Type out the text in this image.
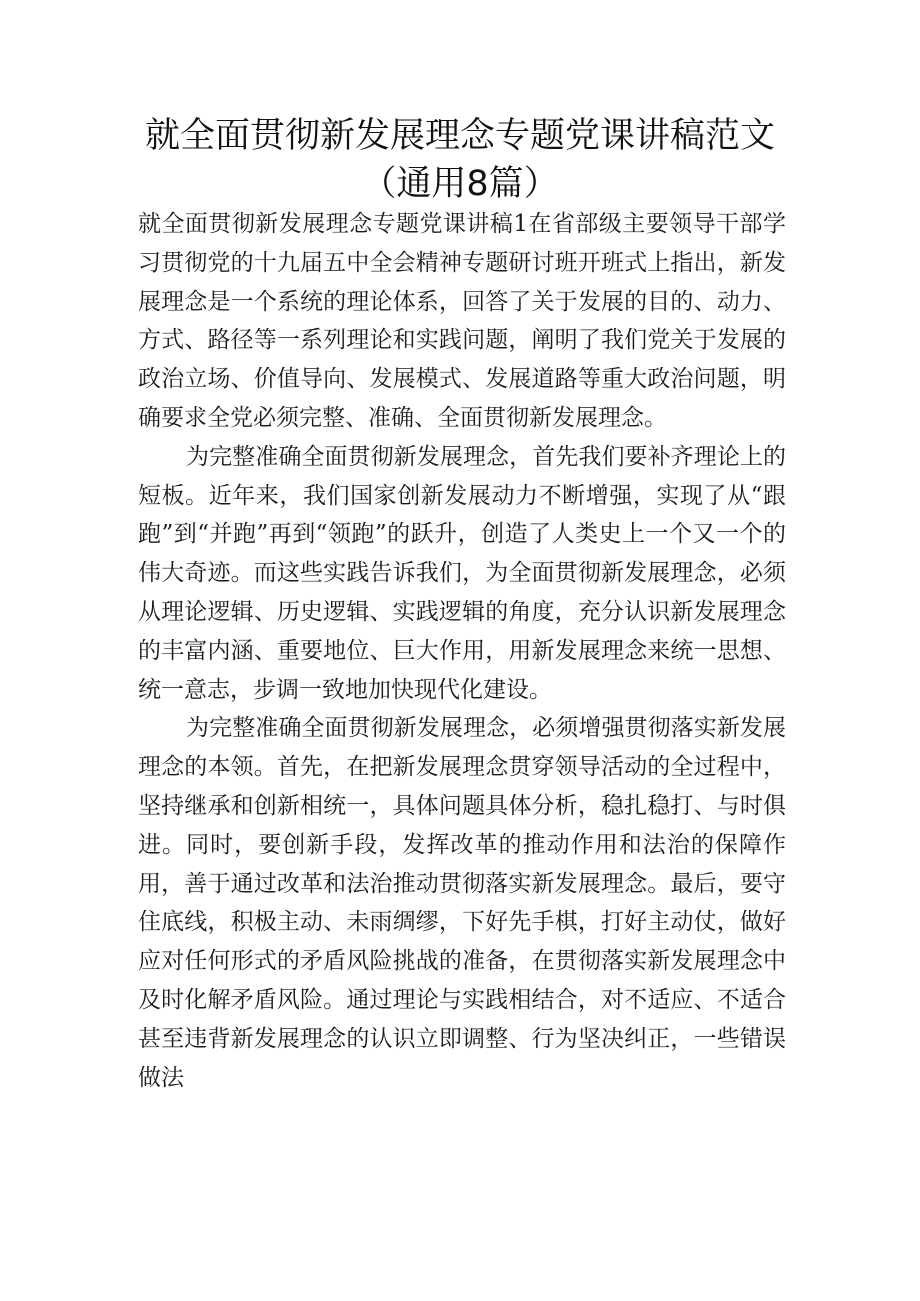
就全面贯彻新发展理念专题党课讲稿范文
（通用8篇）

就全面贯彻新发展理念专题党课讲稿1在省部级主要领导干部学习贯彻党的十九届五中全会精神专题研讨班开班式上指出，新发展理念是一个系统的理论体系，回答了关于发展的目的、动力、方式、路径等一系列理论和实践问题，阐明了我们党关于发展的政治立场、价值导向、发展模式、发展道路等重大政治问题，明确要求全党必须完整、准确、全面贯彻新发展理念。

为完整准确全面贯彻新发展理念，首先我们要补齐理论上的短板。近年来，我们国家创新发展动力不断增强，实现了从“跟跑”到“并跑”再到“领跑”的跃升，创造了人类史上一个又一个的伟大奇迹。而这些实践告诉我们，为全面贯彻新发展理念，必须从理论逻辑、历史逻辑、实践逻辑的角度，充分认识新发展理念的丰富内涵、重要地位、巨大作用，用新发展理念来统一思想、统一意志，步调一致地加快现代化建设。

为完整准确全面贯彻新发展理念，必须增强贯彻落实新发展理念的本领。首先，在把新发展理念贯穿领导活动的全过程中，坚持继承和创新相统一，具体问题具体分析，稳扎稳打、与时俱进。同时，要创新手段，发挥改革的推动作用和法治的保障作用，善于通过改革和法治推动贯彻落实新发展理念。最后，要守住底线，积极主动、未雨绸缪，下好先手棋，打好主动仗，做好应对任何形式的矛盾风险挑战的准备，在贯彻落实新发展理念中及时化解矛盾风险。通过理论与实践相结合，对不适应、不适合甚至违背新发展理念的认识立即调整、行为坚决纠正，一些错误做法
